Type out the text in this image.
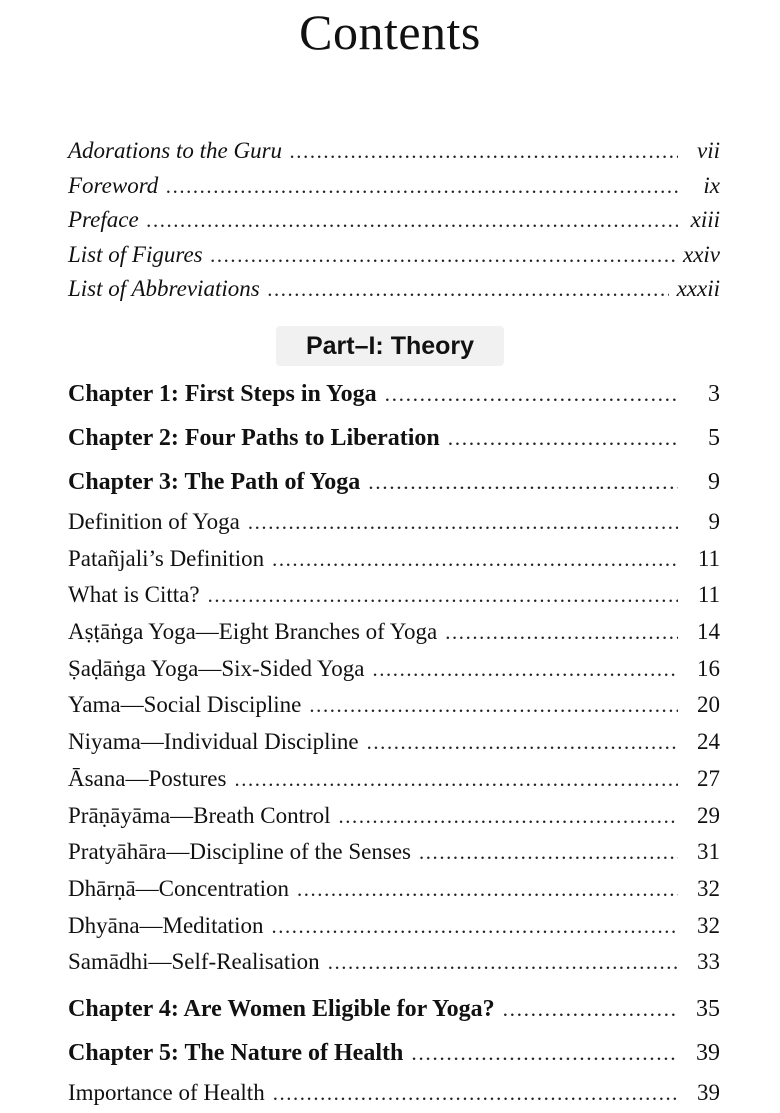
Contents
Adorations to the Guru .....	vii
Foreword .....	ix
Preface .....	xiii
List of Figures .....	xxiv
List of Abbreviations .....	xxxii
Part–I: Theory
Chapter 1: First Steps in Yoga .....	3
Chapter 2: Four Paths to Liberation .....	5
Chapter 3: The Path of Yoga .....	9
Definition of Yoga .....	9
Patañjali’s Definition .....	11
What is Citta? .....	11
Aṣṭāṅga Yoga—Eight Branches of Yoga .....	14
Ṣaḍāṅga Yoga—Six-Sided Yoga .....	16
Yama—Social Discipline .....	20
Niyama—Individual Discipline .....	24
Āsana—Postures .....	27
Prāṇāyāma—Breath Control .....	29
Pratyāhāra—Discipline of the Senses .....	31
Dhārṇā—Concentration .....	32
Dhyāna—Meditation .....	32
Samādhi—Self-Realisation .....	33
Chapter 4: Are Women Eligible for Yoga? .....	35
Chapter 5: The Nature of Health .....	39
Importance of Health .....	39
